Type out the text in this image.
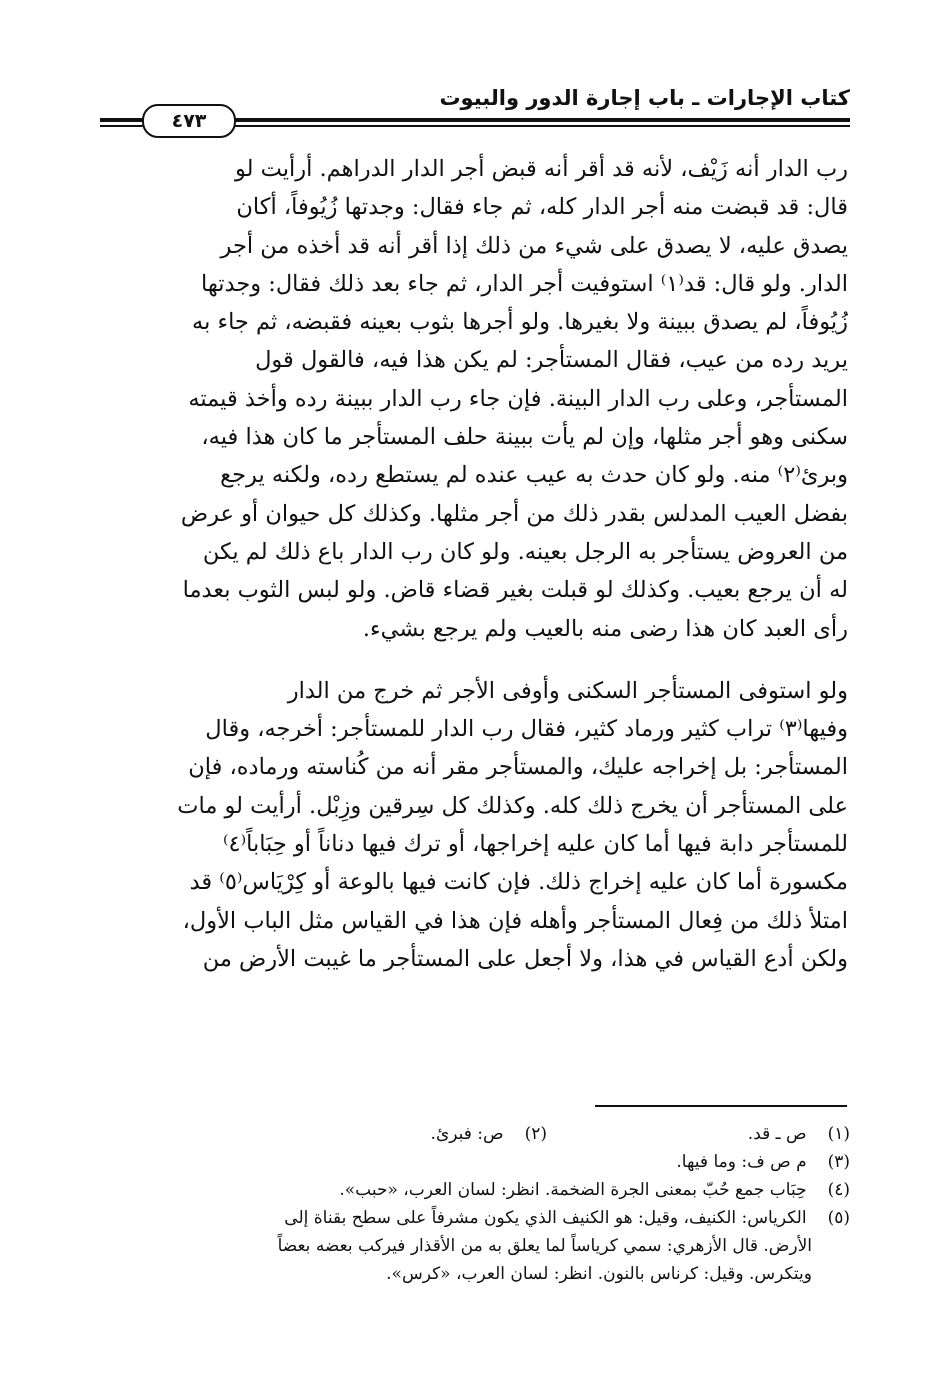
كتاب الإجارات ـ باب إجارة الدور والبيوت
٤٧٣

رب الدار أنه زَيْف، لأنه قد أقر أنه قبض أجر الدار الدراهم. أرأيت لو
قال: قد قبضت منه أجر الدار كله، ثم جاء فقال: وجدتها زُيُوفاً، أكان
يصدق عليه، لا يصدق على شيء من ذلك إذا أقر أنه قد أخذه من أجر
الدار. ولو قال: قد⁽١⁾ استوفيت أجر الدار، ثم جاء بعد ذلك فقال: وجدتها
زُيُوفاً، لم يصدق ببينة ولا بغيرها. ولو أجرها بثوب بعينه فقبضه، ثم جاء به
يريد رده من عيب، فقال المستأجر: لم يكن هذا فيه، فالقول قول
المستأجر، وعلى رب الدار البينة. فإن جاء رب الدار ببينة رده وأخذ قيمته
سكنى وهو أجر مثلها، وإن لم يأت ببينة حلف المستأجر ما كان هذا فيه،
وبرئ⁽٢⁾ منه. ولو كان حدث به عيب عنده لم يستطع رده، ولكنه يرجع
بفضل العيب المدلس بقدر ذلك من أجر مثلها. وكذلك كل حيوان أو عرض
من العروض يستأجر به الرجل بعينه. ولو كان رب الدار باع ذلك لم يكن
له أن يرجع بعيب. وكذلك لو قبلت بغير قضاء قاض. ولو لبس الثوب بعدما
رأى العبد كان هذا رضى منه بالعيب ولم يرجع بشيء.

ولو استوفى المستأجر السكنى وأوفى الأجر ثم خرج من الدار
وفيها⁽٣⁾ تراب كثير ورماد كثير، فقال رب الدار للمستأجر: أخرجه، وقال
المستأجر: بل إخراجه عليك، والمستأجر مقر أنه من كُناسته ورماده، فإن
على المستأجر أن يخرج ذلك كله. وكذلك كل سِرقين وزِبْل. أرأيت لو مات
للمستأجر دابة فيها أما كان عليه إخراجها، أو ترك فيها دناناً أو حِبَاباً⁽٤⁾
مكسورة أما كان عليه إخراج ذلك. فإن كانت فيها بالوعة أو كِرْيَاس⁽٥⁾ قد
امتلأ ذلك من فِعال المستأجر وأهله فإن هذا في القياس مثل الباب الأول،
ولكن أدع القياس في هذا، ولا أجعل على المستأجر ما غيبت الأرض من

(١) ص ـ قد.  (٢) ص: فبرئ.
(٣) م ص ف: وما فيها.
(٤) حِبَاب جمع حُبّ بمعنى الجرة الضخمة. انظر: لسان العرب، «حبب».
(٥) الكرياس: الكنيف، وقيل: هو الكنيف الذي يكون مشرفاً على سطح بقناة إلى
الأرض. قال الأزهري: سمي كرياساً لما يعلق به من الأقذار فيركب بعضه بعضاً
ويتكرس. وقيل: كرناس بالنون. انظر: لسان العرب، «كرس».
